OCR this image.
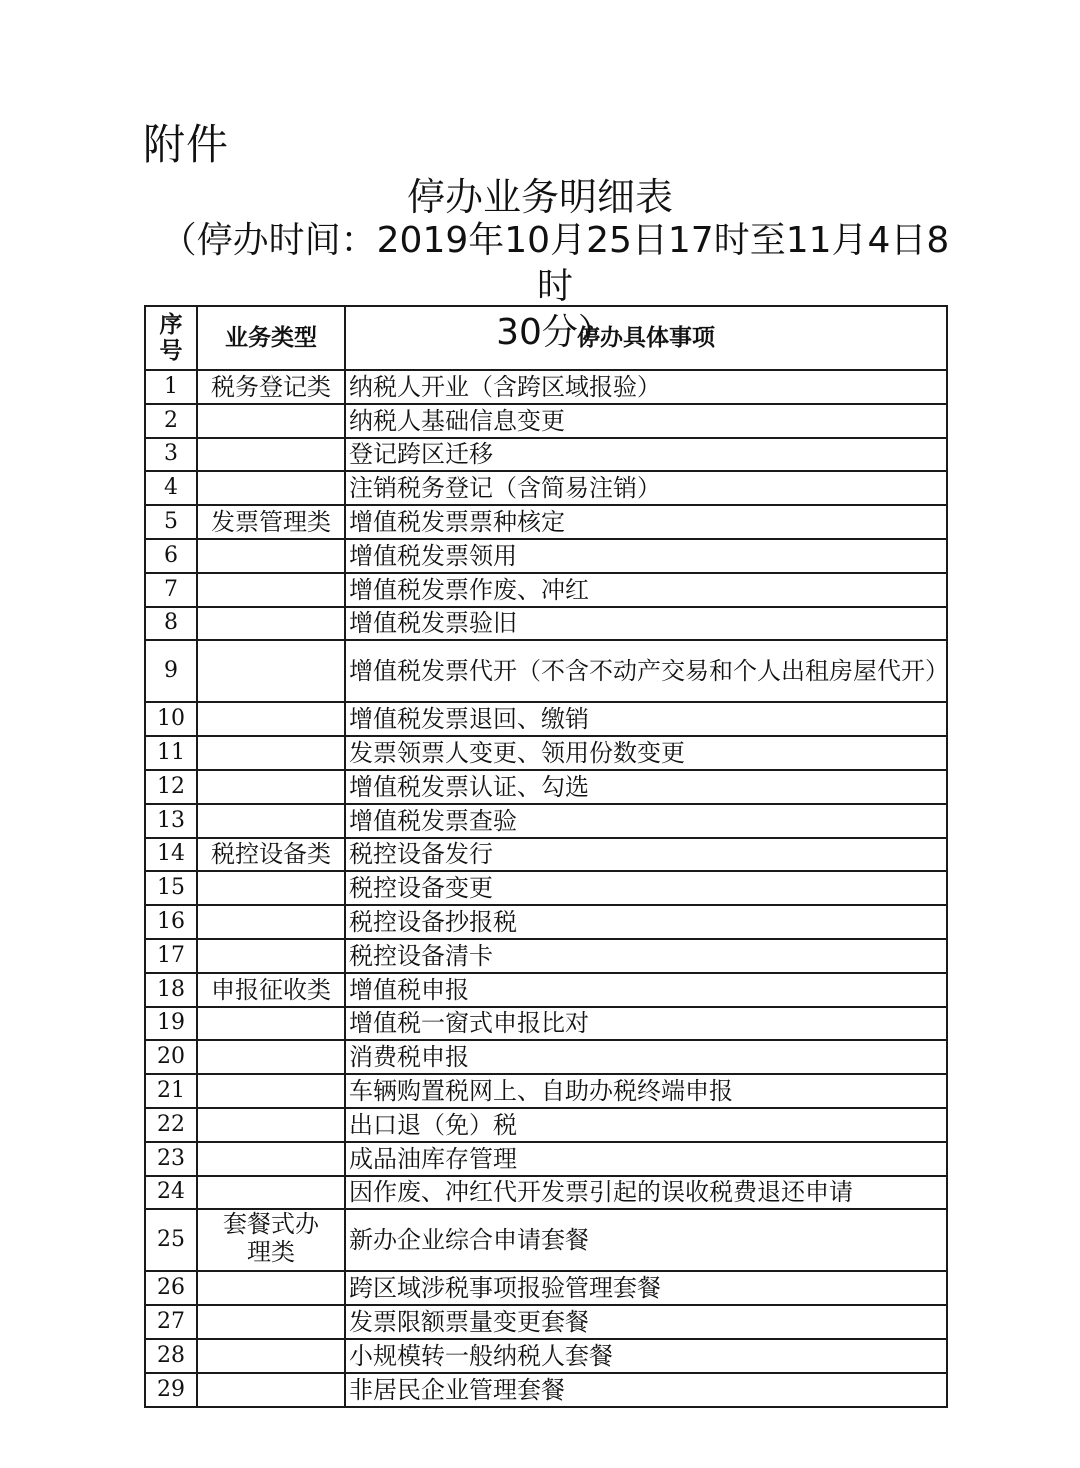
附件
停办业务明细表
（停办时间：2019年10月25日17时至11月4日8时
30分）
序号	业务类型	停办具体事项
1	税务登记类	纳税人开业（含跨区域报验）
2		纳税人基础信息变更
3		登记跨区迁移
4		注销税务登记（含简易注销）
5	发票管理类	增值税发票票种核定
6		增值税发票领用
7		增值税发票作废、冲红
8		增值税发票验旧
9		增值税发票代开（不含不动产交易和个人出租房屋代开）
10		增值税发票退回、缴销
11		发票领票人变更、领用份数变更
12		增值税发票认证、勾选
13		增值税发票查验
14	税控设备类	税控设备发行
15		税控设备变更
16		税控设备抄报税
17		税控设备清卡
18	申报征收类	增值税申报
19		增值税一窗式申报比对
20		消费税申报
21		车辆购置税网上、自助办税终端申报
22		出口退（免）税
23		成品油库存管理
24		因作废、冲红代开发票引起的误收税费退还申请
25	套餐式办理类	新办企业综合申请套餐
26		跨区域涉税事项报验管理套餐
27		发票限额票量变更套餐
28		小规模转一般纳税人套餐
29		非居民企业管理套餐
